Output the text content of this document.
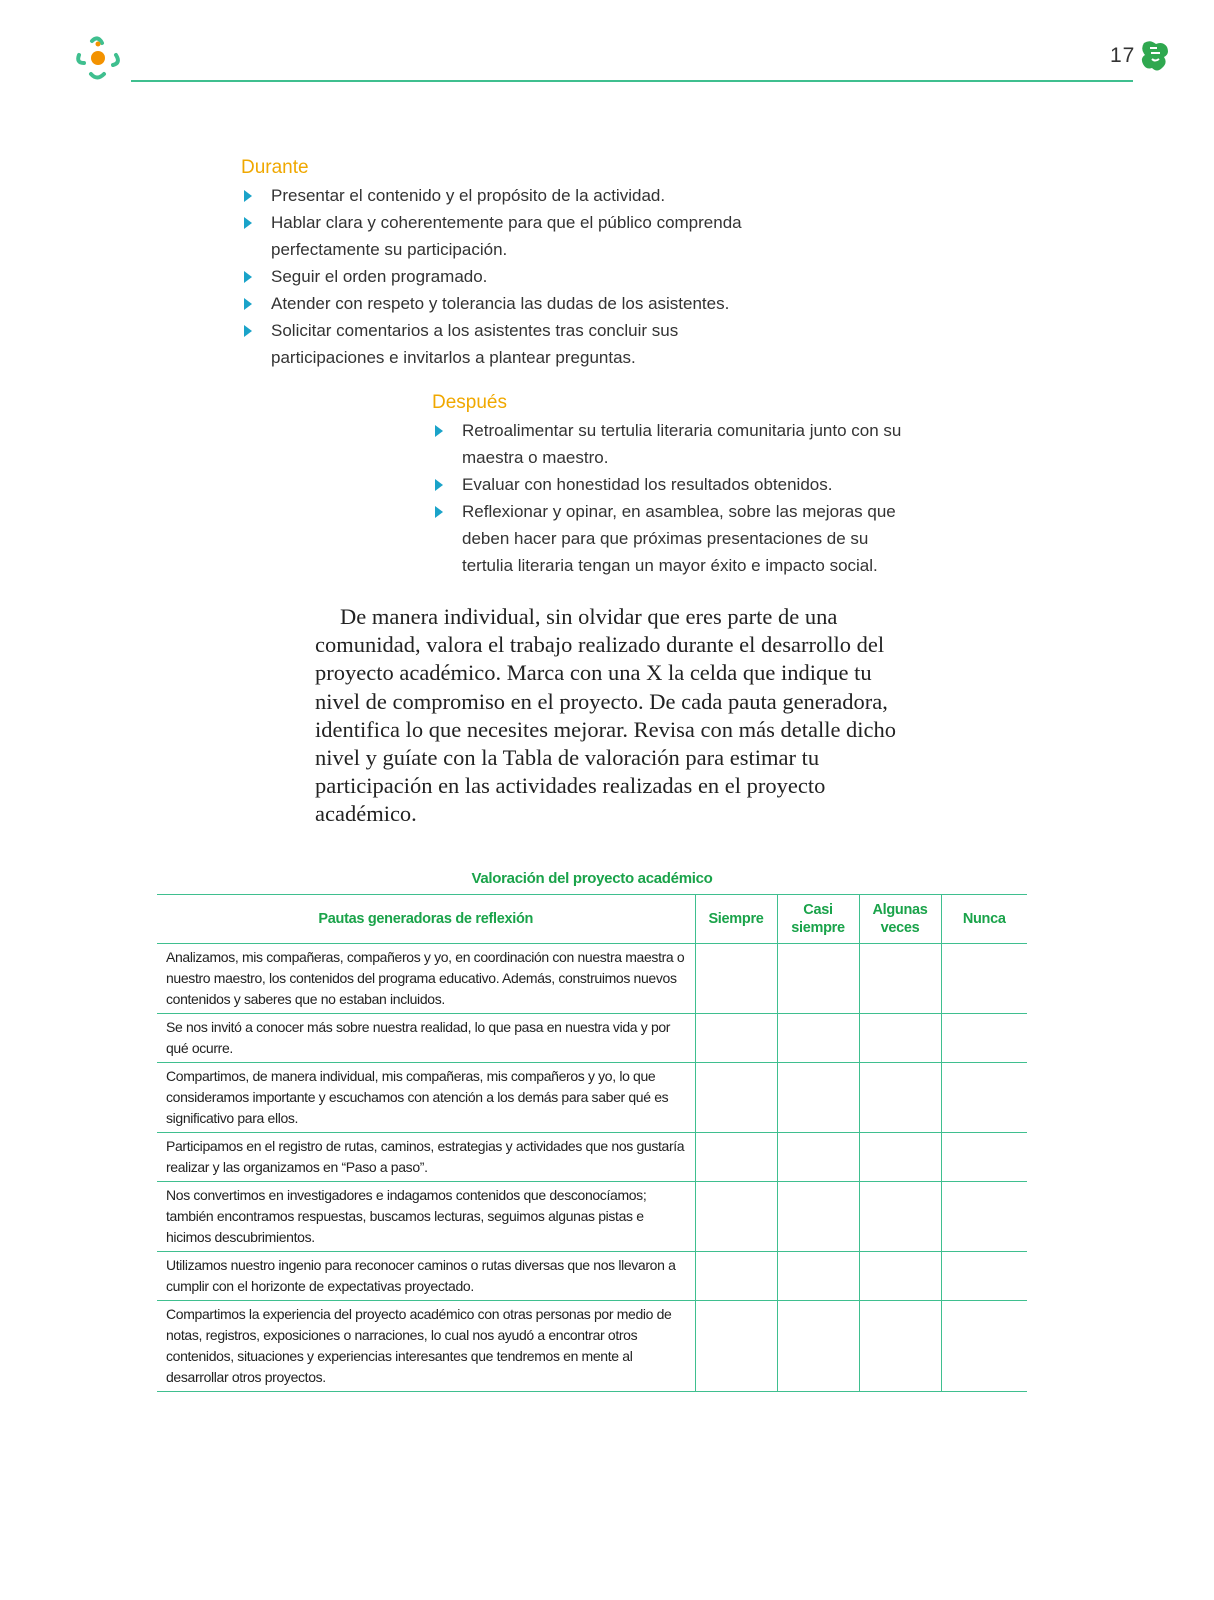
17
Durante
Presentar el contenido y el propósito de la actividad.
Hablar clara y coherentemente para que el público comprenda perfectamente su participación.
Seguir el orden programado.
Atender con respeto y tolerancia las dudas de los asistentes.
Solicitar comentarios a los asistentes tras concluir sus participaciones e invitarlos a plantear preguntas.
Después
Retroalimentar su tertulia literaria comunitaria junto con su maestra o maestro.
Evaluar con honestidad los resultados obtenidos.
Reflexionar y opinar, en asamblea, sobre las mejoras que deben hacer para que próximas presentaciones de su tertulia literaria tengan un mayor éxito e impacto social.

De manera individual, sin olvidar que eres parte de una comunidad, valora el trabajo realizado durante el desarrollo del proyecto académico. Marca con una X la celda que indique tu nivel de compromiso en el proyecto. De cada pauta generadora, identifica lo que necesites mejorar. Revisa con más detalle dicho nivel y guíate con la Tabla de valoración para estimar tu participación en las actividades realizadas en el proyecto académico.

Valoración del proyecto académico
Pautas generadoras de reflexión	Siempre	Casi siempre	Algunas veces	Nunca
Analizamos, mis compañeras, compañeros y yo, en coordinación con nuestra maestra o nuestro maestro, los contenidos del programa educativo. Además, construimos nuevos contenidos y saberes que no estaban incluidos.				
Se nos invitó a conocer más sobre nuestra realidad, lo que pasa en nuestra vida y por qué ocurre.				
Compartimos, de manera individual, mis compañeras, mis compañeros y yo, lo que consideramos importante y escuchamos con atención a los demás para saber qué es significativo para ellos.				
Participamos en el registro de rutas, caminos, estrategias y actividades que nos gustaría realizar y las organizamos en “Paso a paso”.				
Nos convertimos en investigadores e indagamos contenidos que desconocíamos; también encontramos respuestas, buscamos lecturas, seguimos algunas pistas e hicimos descubrimientos.				
Utilizamos nuestro ingenio para reconocer caminos o rutas diversas que nos llevaron a cumplir con el horizonte de expectativas proyectado.				
Compartimos la experiencia del proyecto académico con otras personas por medio de notas, registros, exposiciones o narraciones, lo cual nos ayudó a encontrar otros contenidos, situaciones y experiencias interesantes que tendremos en mente al desarrollar otros proyectos.				
